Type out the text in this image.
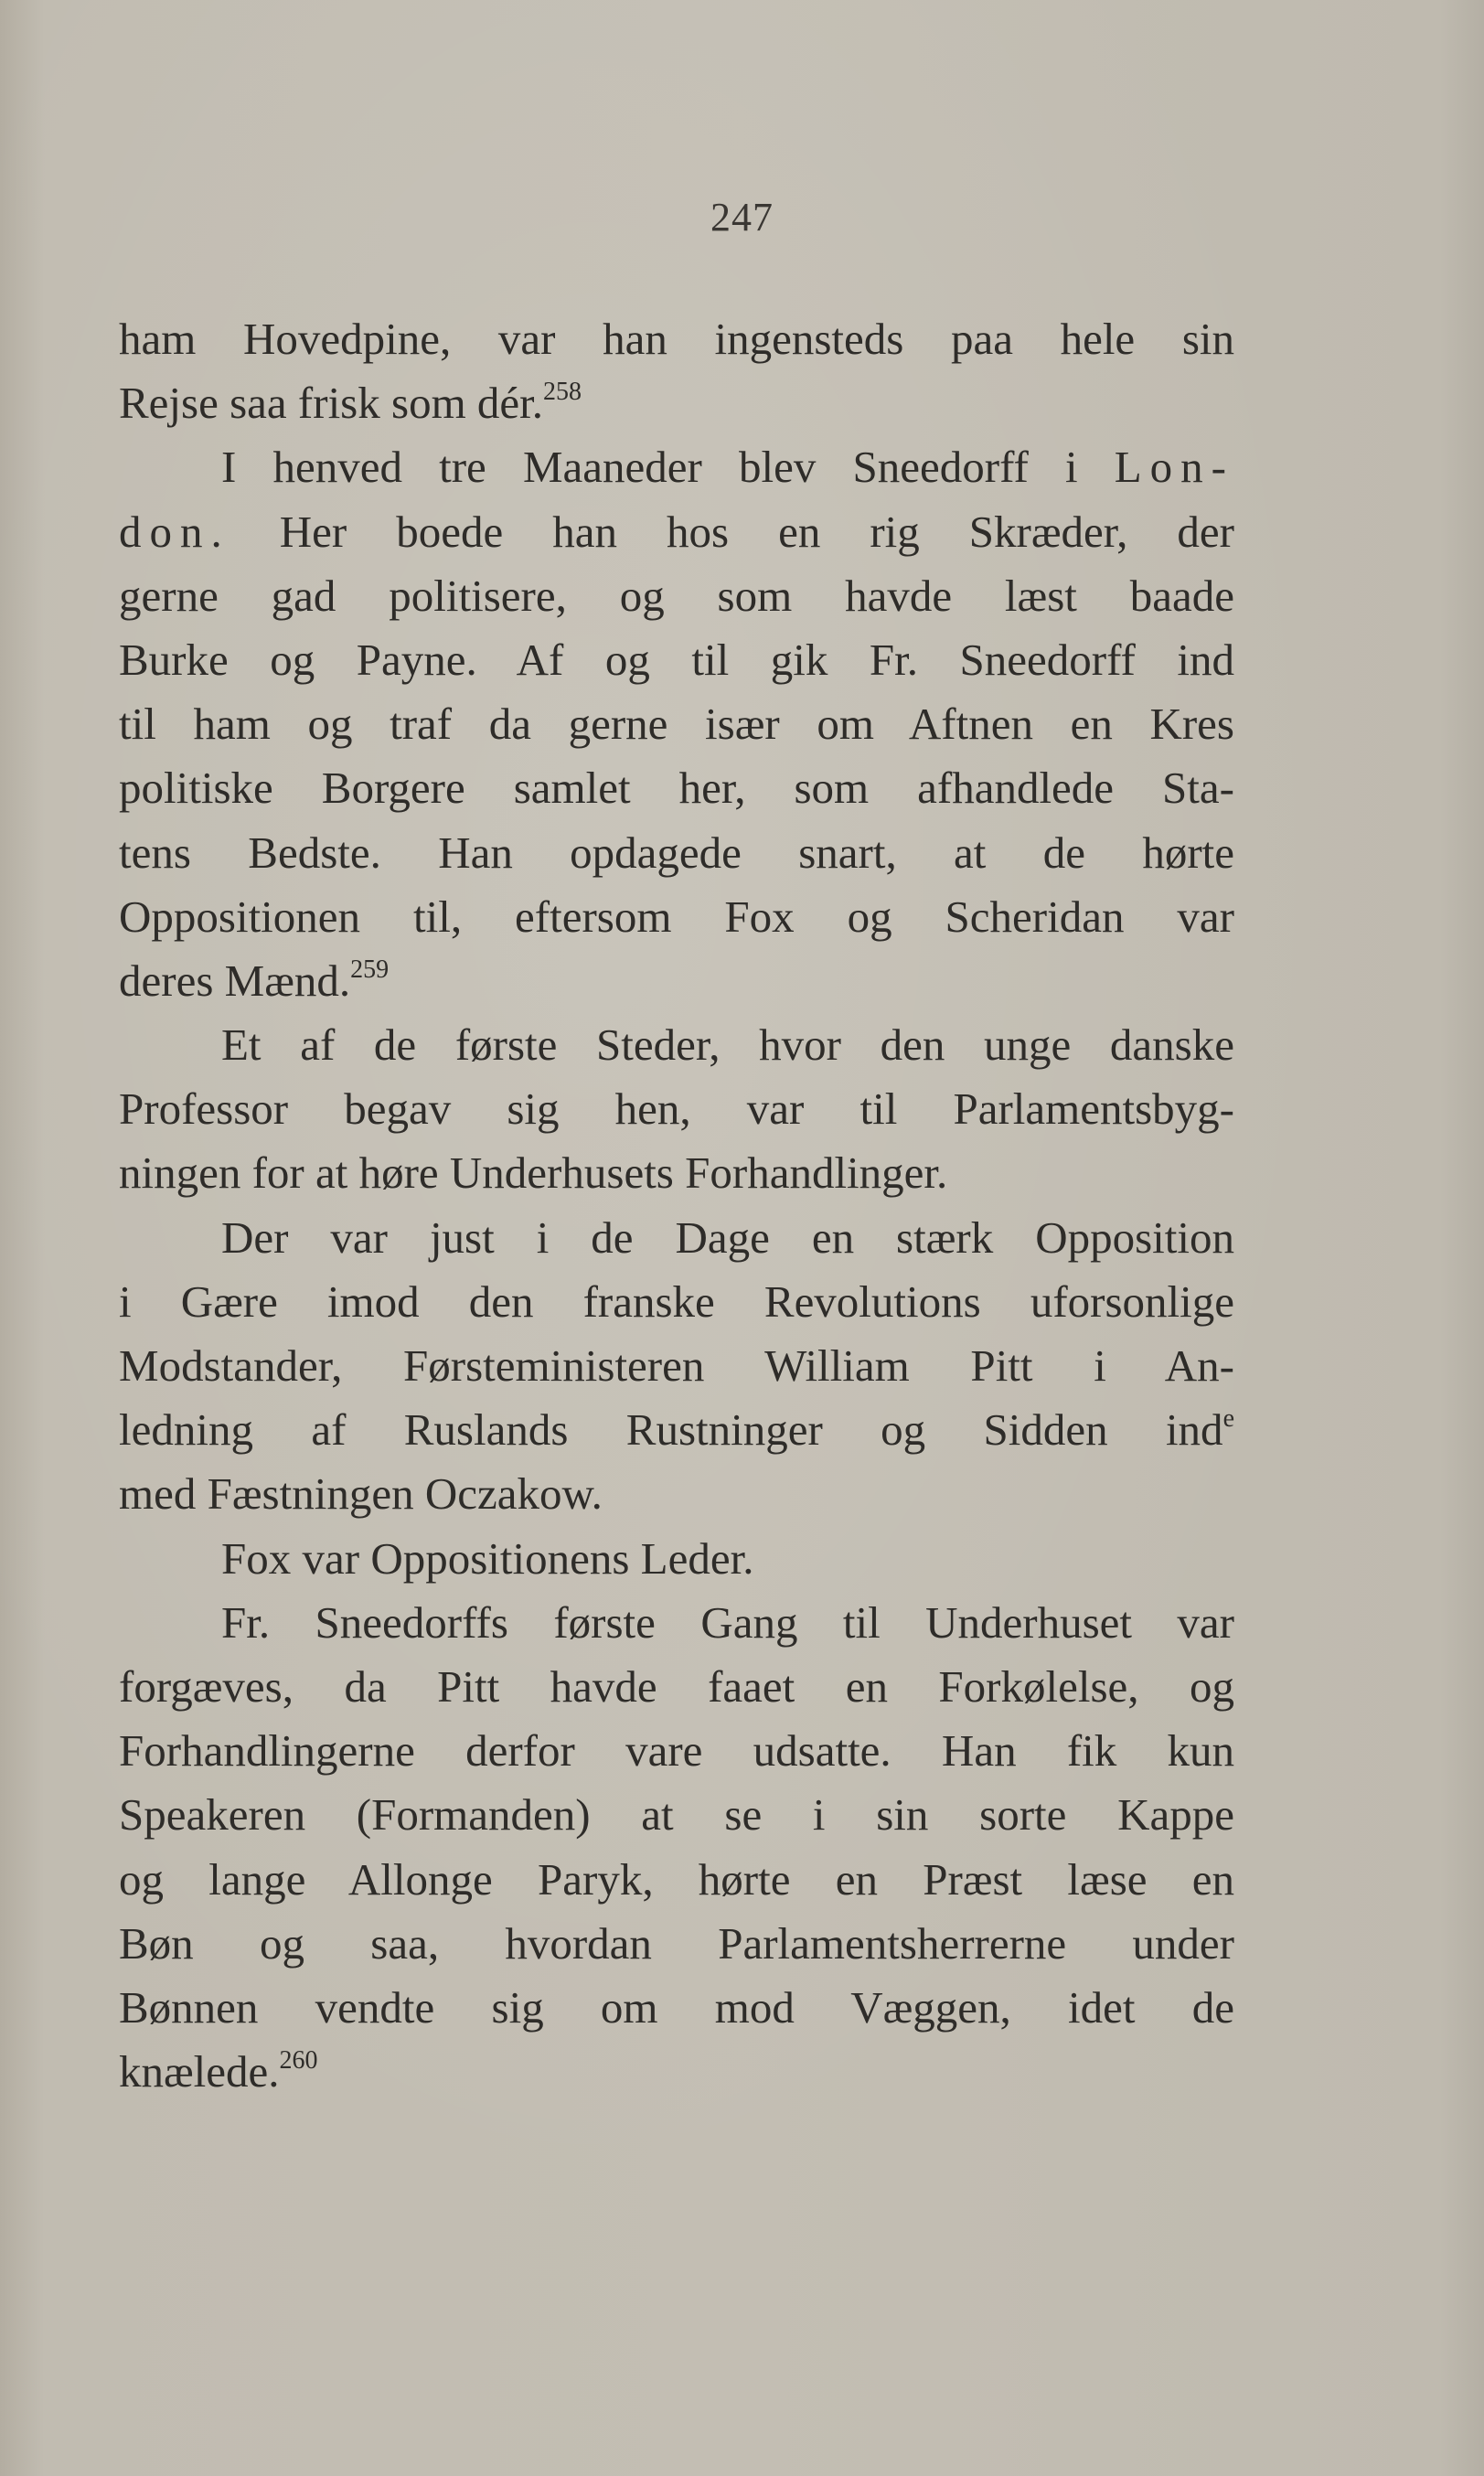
247
ham Hovedpine, var han ingensteds paa hele sin
Rejse saa frisk som dér.$^{258}$
I henved tre Maaneder blev Sneedorff i Lon-
don. Her boede han hos en rig Skræder, der
gerne gad politisere, og som havde læst baade
Burke og Payne. Af og til gik Fr. Sneedorff ind
til ham og traf da gerne især om Aftnen en Kres
politiske Borgere samlet her, som afhandlede Sta-
tens Bedste. Han opdagede snart, at de hørte
Oppositionen til, eftersom Fox og Scheridan var
deres Mænd.$^{259}$
Et af de første Steder, hvor den unge danske
Professor begav sig hen, var til Parlamentsbyg-
ningen for at høre Underhusets Forhandlinger.
Der var just i de Dage en stærk Opposition
i Gære imod den franske Revolutions uforsonlige
Modstander, Førsteministeren William Pitt i An-
ledning af Ruslands Rustninger og Sidden ind$^e$
med Fæstningen Oczakow.
Fox var Oppositionens Leder.
Fr. Sneedorffs første Gang til Underhuset var
forgæves, da Pitt havde faaet en Forkølelse, og
Forhandlingerne derfor vare udsatte. Han fik kun
Speakeren (Formanden) at se i sin sorte Kappe
og lange Allonge Paryk, hørte en Præst læse en
Bøn og saa, hvordan Parlamentsherrerne under
Bønnen vendte sig om mod Væggen, idet de
knælede.$^{260}$
